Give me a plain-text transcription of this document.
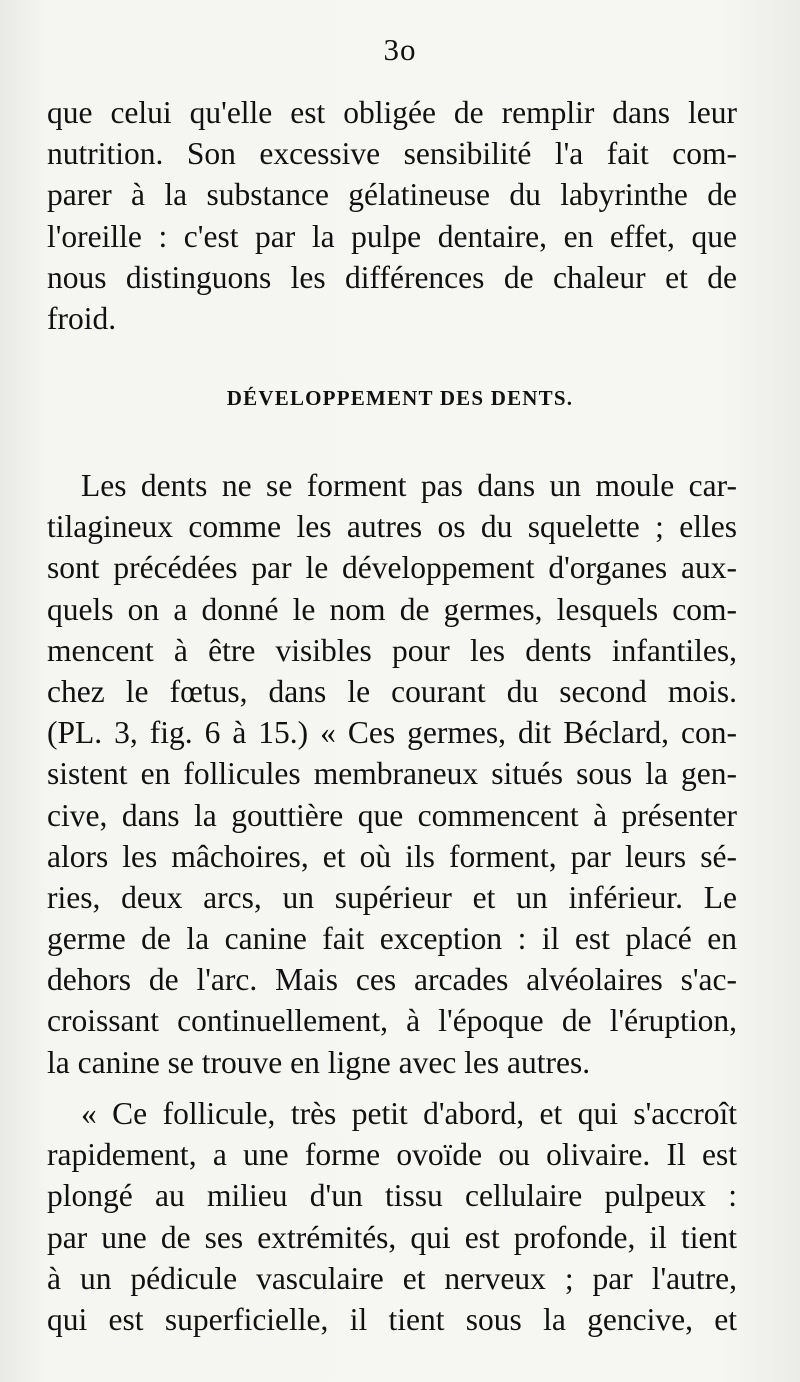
3o
que celui qu'elle est obligée de remplir dans leur
nutrition. Son excessive sensibilité l'a fait com-
parer à la substance gélatineuse du labyrinthe de
l'oreille : c'est par la pulpe dentaire, en effet, que
nous distinguons les différences de chaleur et de
froid.
DÉVELOPPEMENT DES DENTS.
Les dents ne se forment pas dans un moule car-
tilagineux comme les autres os du squelette ; elles
sont précédées par le développement d'organes aux-
quels on a donné le nom de germes, lesquels com-
mencent à être visibles pour les dents infantiles,
chez le fœtus, dans le courant du second mois.
(PL. 3, fig. 6 à 15.) « Ces germes, dit Béclard, con-
sistent en follicules membraneux situés sous la gen-
cive, dans la gouttière que commencent à présenter
alors les mâchoires, et où ils forment, par leurs sé-
ries, deux arcs, un supérieur et un inférieur. Le
germe de la canine fait exception : il est placé en
dehors de l'arc. Mais ces arcades alvéolaires s'ac-
croissant continuellement, à l'époque de l'éruption,
la canine se trouve en ligne avec les autres.
« Ce follicule, très petit d'abord, et qui s'accroît
rapidement, a une forme ovoïde ou olivaire. Il est
plongé au milieu d'un tissu cellulaire pulpeux :
par une de ses extrémités, qui est profonde, il tient
à un pédicule vasculaire et nerveux ; par l'autre,
qui est superficielle, il tient sous la gencive, et
